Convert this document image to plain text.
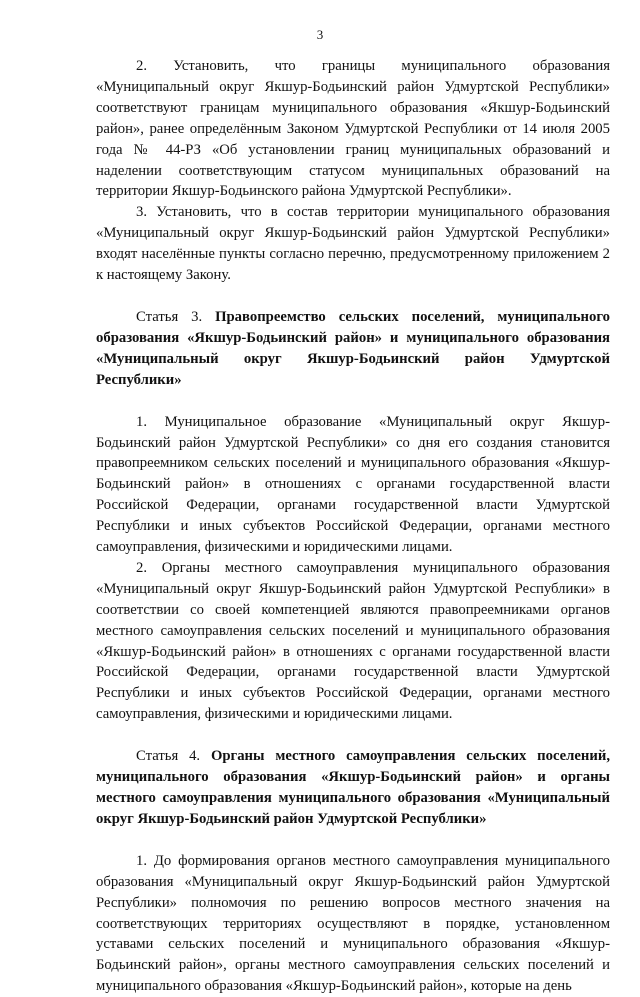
3

2. Установить, что границы муниципального образования «Муниципальный округ Якшур-Бодьинский район Удмуртской Республики» соответствуют границам муниципального образования «Якшур-Бодьинский район», ранее определённым Законом Удмуртской Республики от 14 июля 2005 года № 44-РЗ «Об установлении границ муниципальных образований и наделении соответствующим статусом муниципальных образований на территории Якшур-Бодьинского района Удмуртской Республики».

3. Установить, что в состав территории муниципального образования «Муниципальный округ Якшур-Бодьинский район Удмуртской Республики» входят населённые пункты согласно перечню, предусмотренному приложением 2 к настоящему Закону.

Статья 3. Правопреемство сельских поселений, муниципального образования «Якшур-Бодьинский район» и муниципального образования «Муниципальный округ Якшур-Бодьинский район Удмуртской Республики»

1. Муниципальное образование «Муниципальный округ Якшур-Бодьинский район Удмуртской Республики» со дня его создания становится правопреемником сельских поселений и муниципального образования «Якшур-Бодьинский район» в отношениях с органами государственной власти Российской Федерации, органами государственной власти Удмуртской Республики и иных субъектов Российской Федерации, органами местного самоуправления, физическими и юридическими лицами.

2. Органы местного самоуправления муниципального образования «Муниципальный округ Якшур-Бодьинский район Удмуртской Республики» в соответствии со своей компетенцией являются правопреемниками органов местного самоуправления сельских поселений и муниципального образования «Якшур-Бодьинский район» в отношениях с органами государственной власти Российской Федерации, органами государственной власти Удмуртской Республики и иных субъектов Российской Федерации, органами местного самоуправления, физическими и юридическими лицами.

Статья 4. Органы местного самоуправления сельских поселений, муниципального образования «Якшур-Бодьинский район» и органы местного самоуправления муниципального образования «Муниципальный округ Якшур-Бодьинский район Удмуртской Республики»

1. До формирования органов местного самоуправления муниципального образования «Муниципальный округ Якшур-Бодьинский район Удмуртской Республики» полномочия по решению вопросов местного значения на соответствующих территориях осуществляют в порядке, установленном уставами сельских поселений и муниципального образования «Якшур-Бодьинский район», органы местного самоуправления сельских поселений и муниципального образования «Якшур-Бодьинский район», которые на день
